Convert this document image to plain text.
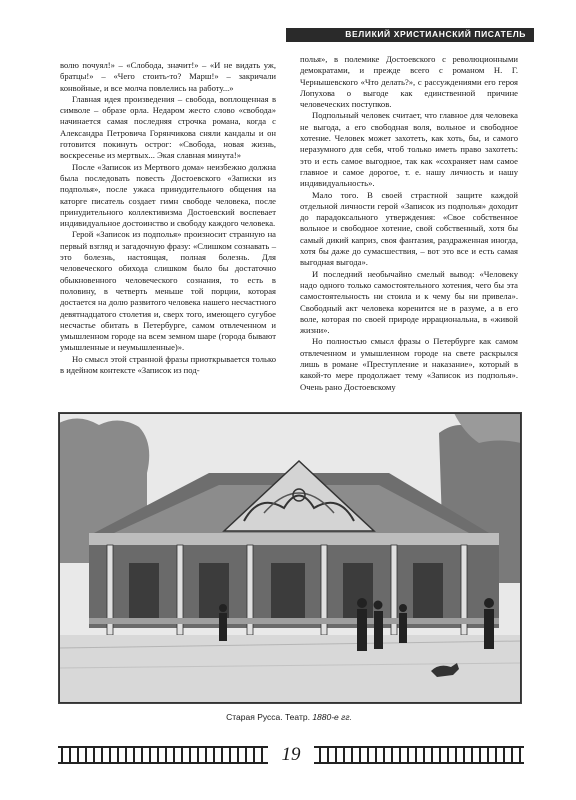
ВЕЛИКИЙ ХРИСТИАНСКИЙ ПИСАТЕЛЬ

волю почуял!» – «Слобода, значит!» – «И не видать уж, братцы!» – «Чего стоить-то? Марш!» – закричали конвойные, и все молча повлелись на работу...»

Главная идея произведения – свобода, воплощенная в символе – образе орла. Недаром жесто слово «свобода» начинается самая последняя строчка романа, когда с Александра Петровича Горянчикова сняли кандалы и он готовится покинуть острог: «Свобода, новая жизнь, воскресенье из мертвых... Экая славная минута!»

После «Записок из Мертвого дома» неизбежно должна была последовать повесть Достоевского «Записки из подполья», после ужаса принудительного общения на каторге писатель создает гимн свободе человека, после принудительного коллективизма Достоевский воспевает индивидуальное достоинство и свободу каждого человека.

Герой «Записок из подполья» произносит странную на первый взгляд и загадочную фразу: «Слишком сознавать – это болезнь, настоящая, полная болезнь. Для человеческого обихода слишком было бы достаточно обыкновенного человеческого сознания, то есть в половину, в четверть меньше той порции, которая достается на долю развитого человека нашего несчастного девятнадцатого столетия и, сверх того, имеющего сугубое несчастье обитать в Петербурге, самом отвлеченном и умышленном городе на всем земном шаре (города бывают умышленные и неумышленные)».

Но смысл этой странной фразы приоткрывается только в идейном контексте «Записок из под-

полья», в полемике Достоевского с революционными демократами, и прежде всего с романом Н. Г. Чернышевского «Что делать?», с рассуждениями его героя Лопухова о выгоде как единственной причине человеческих поступков.

Подпольный человек считает, что главное для человека не выгода, а его свободная воля, вольное и свободное хотение. Человек может захотеть, как хоть, бы, и самого неразумного для себя, чтоб только иметь право захотеть: это и есть самое выгодное, так как «сохраняет нам самое главное и самое дорогое, т. е. нашу личность и нашу индивидуальность».

Мало того. В своей страстной защите каждой отдельной личности герой «Записок из подполья» доходит до парадоксального утверждения: «Свое собственное вольное и свободное хотение, свой собственный, хотя бы самый дикий каприз, своя фантазия, раздраженная иногда, хотя бы даже до сумасшествия, – вот это все и есть самая выгодная выгода».

И последний необычайно смелый вывод: «Человеку надо одного только самостоятельного хотения, чего бы эта самостоятельность ни стоила и к чему бы ни привела». Свободный акт человека коренится не в разуме, а в его воле, которая по своей природе иррациональна, в «живой жизни».

Но полностью смысл фразы о Петербурге как самом отвлеченном и умышленном городе на свете раскрылся лишь в романе «Преступление и наказание», который в какой-то мере продолжает тему «Записок из подполья». Очень рано Достоевскому

Старая Русса. Театр. 1880-е гг.
19
